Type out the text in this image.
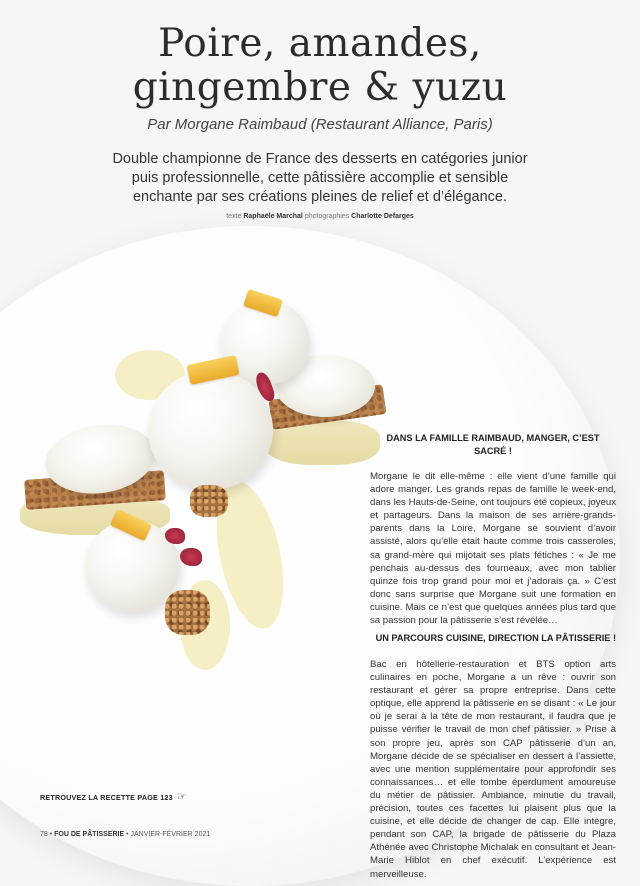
Poire, amandes,
gingembre & yuzu
Par Morgane Raimbaud (Restaurant Alliance, Paris)
Double championne de France des desserts en catégories junior puis professionnelle, cette pâtissière accomplie et sensible enchante par ses créations pleines de relief et d’élégance.
texte Raphaële Marchal photographies Charlotte Defarges
DANS LA FAMILLE RAIMBAUD, MANGER, C’EST SACRÉ !

Morgane le dit elle-même : elle vient d’une famille qui adore manger. Les grands repas de famille le week-end, dans les Hauts-de-Seine, ont toujours été copieux, joyeux et partageurs. Dans la maison de ses arrière-grands-parents dans la Loire, Morgane se souvient d’avoir assisté, alors qu’elle était haute comme trois casseroles, sa grand-mère qui mijotait ses plats fétiches : « Je me penchais au-dessus des fourneaux, avec mon tablier quinze fois trop grand pour moi et j’adorais ça. » C’est donc sans surprise que Morgane suit une formation en cuisine. Mais ce n’est que quelques années plus tard que sa passion pour la pâtisserie s’est révélée…

UN PARCOURS CUISINE, DIRECTION LA PÂTISSERIE !

Bac en hôtellerie-restauration et BTS option arts culinaires en poche, Morgane a un rêve : ouvrir son restaurant et gérer sa propre entreprise. Dans cette optique, elle apprend la pâtisserie en se disant : « Le jour où je serai à la tête de mon restaurant, il faudra que je puisse vérifier le travail de mon chef pâtissier. » Prise à son propre jeu, après son CAP pâtisserie d’un an, Morgane décide de se spécialiser en dessert à l’assiette, avec une mention supplémentaire pour approfondir ses connaissances… et elle tombe éperdument amoureuse du métier de pâtissier. Ambiance, minutie du travail, précision, toutes ces facettes lui plaisent plus que la cuisine, et elle décide de changer de cap. Elle intègre, pendant son CAP, la brigade de pâtisserie du Plaza Athénée avec Christophe Michalak en consultant et Jean-Marie Hiblot en chef exécutif. L’expérience est merveilleuse.

RETROUVEZ LA RECETTE PAGE 123 ☞
78 • FOU DE PÂTISSERIE • JANVIER-FÉVRIER 2021
